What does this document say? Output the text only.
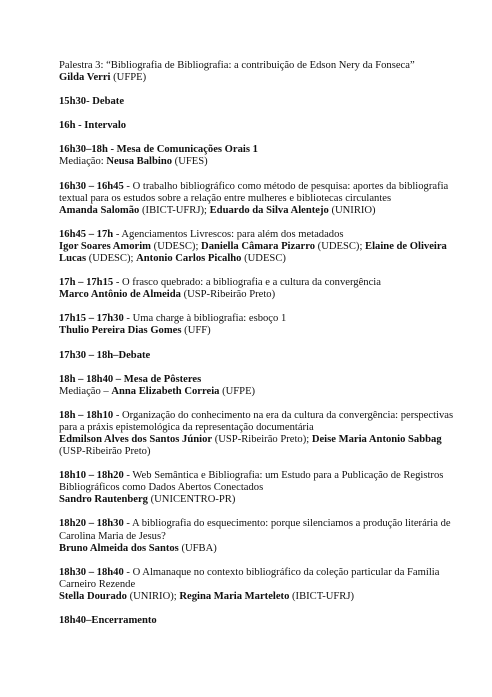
Palestra 3: “Bibliografia de Bibliografia: a contribuição de Edson Nery da Fonseca”
Gilda Verri (UFPE)
15h30- Debate
16h - Intervalo
16h30–18h - Mesa de Comunicações Orais 1
Mediação: Neusa Balbino (UFES)
16h30 – 16h45 - O trabalho bibliográfico como método de pesquisa: aportes da bibliografia
textual para os estudos sobre a relação entre mulheres e bibliotecas circulantes
Amanda Salomão (IBICT-UFRJ); Eduardo da Silva Alentejo (UNIRIO)
16h45 – 17h - Agenciamentos Livrescos: para além dos metadados
Igor Soares Amorim (UDESC); Daniella Câmara Pizarro (UDESC); Elaine de Oliveira
Lucas (UDESC); Antonio Carlos Picalho (UDESC)
17h – 17h15 - O frasco quebrado: a bibliografia e a cultura da convergência
Marco Antônio de Almeida (USP-Ribeirão Preto)
17h15 – 17h30 - Uma charge à bibliografia: esboço 1
Thulio Pereira Dias Gomes (UFF)
17h30 – 18h–Debate
18h – 18h40 – Mesa de Pôsteres
Mediação – Anna Elizabeth Correia (UFPE)
18h – 18h10 - Organização do conhecimento na era da cultura da convergência: perspectivas
para a práxis epistemológica da representação documentária
Edmilson Alves dos Santos Júnior (USP-Ribeirão Preto); Deise Maria Antonio Sabbag
(USP-Ribeirão Preto)
18h10 – 18h20 - Web Semântica e Bibliografia: um Estudo para a Publicação de Registros
Bibliográficos como Dados Abertos Conectados
Sandro Rautenberg (UNICENTRO-PR)
18h20 – 18h30 - A bibliografia do esquecimento: porque silenciamos a produção literária de
Carolina Maria de Jesus?
Bruno Almeida dos Santos (UFBA)
18h30 – 18h40 - O Almanaque no contexto bibliográfico da coleção particular da Família
Carneiro Rezende
Stella Dourado (UNIRIO); Regina Maria Marteleto (IBICT-UFRJ)
18h40–Encerramento
